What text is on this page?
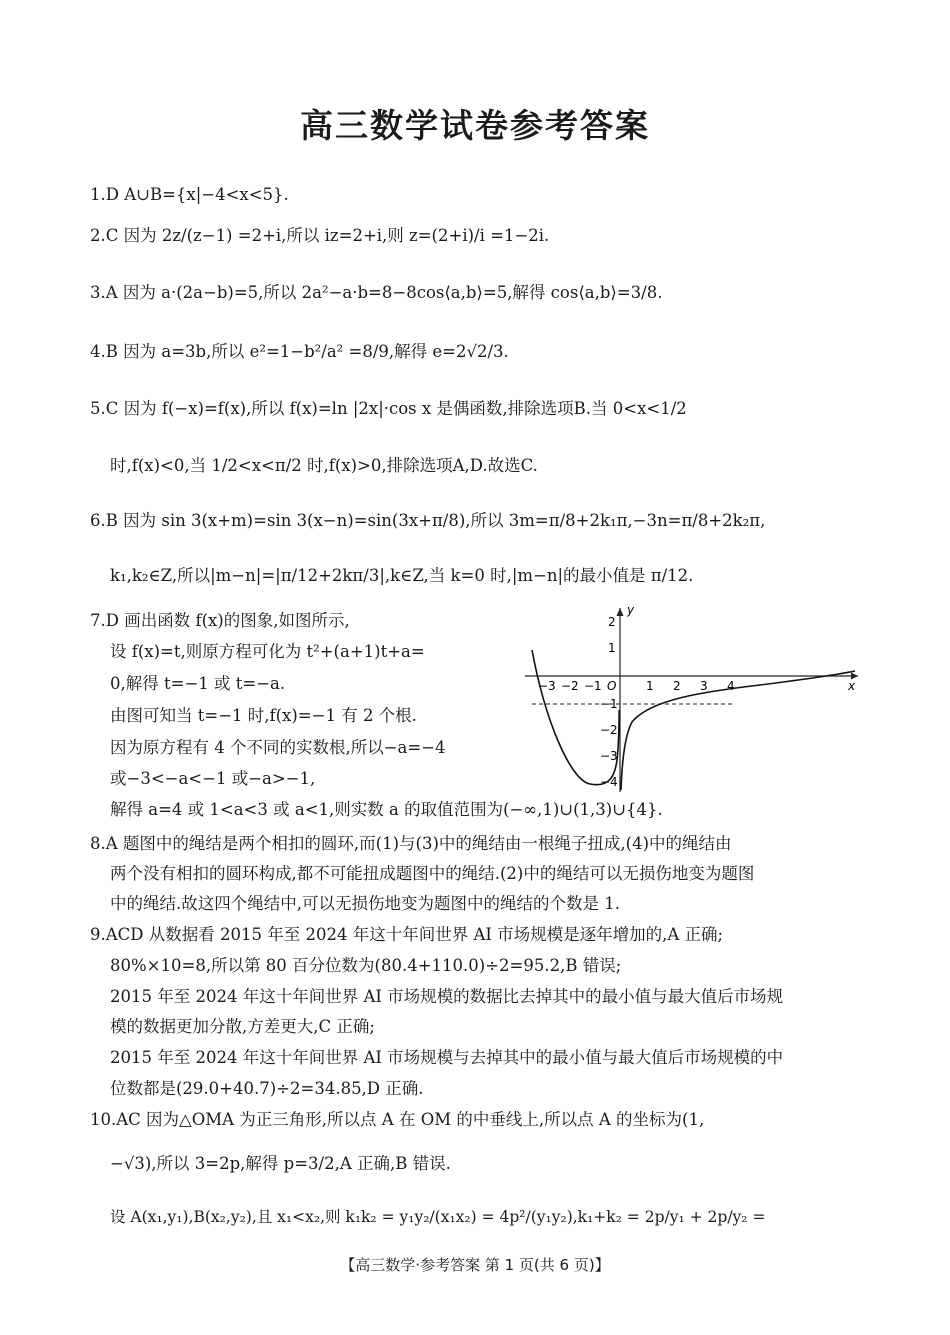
高三数学试卷参考答案
1.D A∪B={x|−4<x<5}.
2.C 因为 2z/(z−1) =2+i,所以 iz=2+i,则 z=(2+i)/i =1−2i.
3.A 因为 a·(2a−b)=5,所以 2a²−a·b=8−8cos⟨a,b⟩=5,解得 cos⟨a,b⟩=3/8.
4.B 因为 a=3b,所以 e²=1−b²/a² =8/9,解得 e=2√2/3.
5.C 因为 f(−x)=f(x),所以 f(x)=ln |2x|·cos x 是偶函数,排除选项B.当 0<x<1/2
时,f(x)<0,当 1/2<x<π/2 时,f(x)>0,排除选项A,D.故选C.
6.B 因为 sin 3(x+m)=sin 3(x−n)=sin(3x+π/8),所以 3m=π/8+2k₁π,−3n=π/8+2k₂π,
k₁,k₂∈Z,所以|m−n|=|π/12+2kπ/3|,k∈Z,当 k=0 时,|m−n|的最小值是 π/12.
7.D 画出函数 f(x)的图象,如图所示,
设 f(x)=t,则原方程可化为 t²+(a+1)t+a=
0,解得 t=−1 或 t=−a.
由图可知当 t=−1 时,f(x)=−1 有 2 个根.
因为原方程有 4 个不同的实数根,所以−a=−4
或−3<−a<−1 或−a>−1,
解得 a=4 或 1<a<3 或 a<1,则实数 a 的取值范围为(−∞,1)∪(1,3)∪{4}.
−3 −2 −1	1 2 3 4
O	x
y
2
1
−1
−2
−3
−4
8.A 题图中的绳结是两个相扣的圆环,而(1)与(3)中的绳结由一根绳子扭成,(4)中的绳结由
两个没有相扣的圆环构成,都不可能扭成题图中的绳结.(2)中的绳结可以无损伤地变为题图
中的绳结.故这四个绳结中,可以无损伤地变为题图中的绳结的个数是 1.
9.ACD 从数据看 2015 年至 2024 年这十年间世界 AI 市场规模是逐年增加的,A 正确;
80%×10=8,所以第 80 百分位数为(80.4+110.0)÷2=95.2,B 错误;
2015 年至 2024 年这十年间世界 AI 市场规模的数据比去掉其中的最小值与最大值后市场规
模的数据更加分散,方差更大,C 正确;
2015 年至 2024 年这十年间世界 AI 市场规模与去掉其中的最小值与最大值后市场规模的中
位数都是(29.0+40.7)÷2=34.85,D 正确.
10.AC 因为△OMA 为正三角形,所以点 A 在 OM 的中垂线上,所以点 A 的坐标为(1,
−√3),所以 3=2p,解得 p=3/2,A 正确,B 错误.
设 A(x₁,y₁),B(x₂,y₂),且 x₁<x₂,则 k₁k₂ = y₁y₂/(x₁x₂) = 4p²/(y₁y₂),k₁+k₂ = 2p/y₁ + 2p/y₂ =
【高三数学·参考答案 第 1 页(共 6 页)】
